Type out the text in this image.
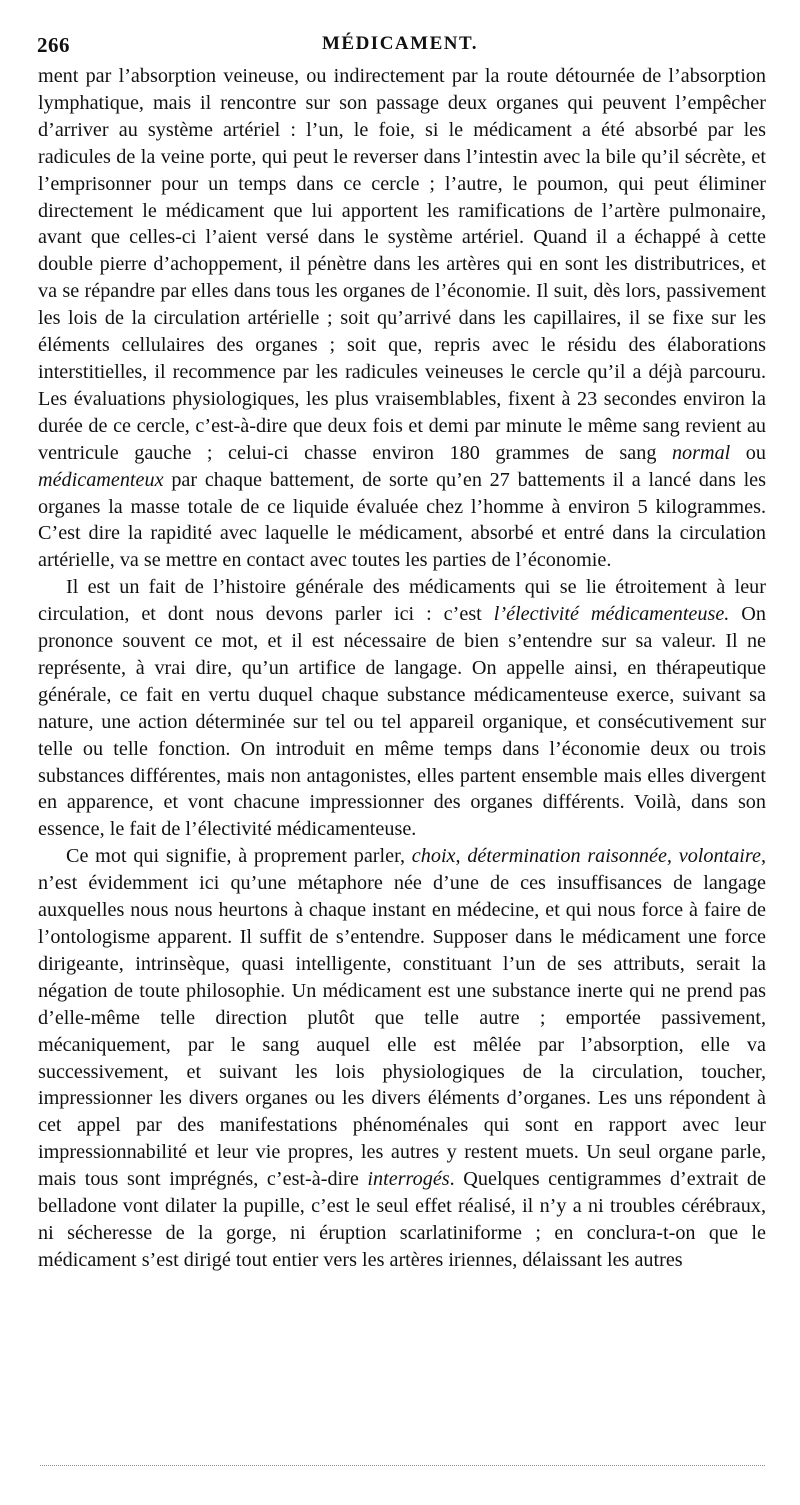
266	MÉDICAMENT.

ment par l’absorption veineuse, ou indirectement par la route détournée de l’absorption lymphatique, mais il rencontre sur son passage deux organes qui peuvent l’empêcher d’arriver au système artériel : l’un, le foie, si le médicament a été absorbé par les radicules de la veine porte, qui peut le reverser dans l’intestin avec la bile qu’il sécrète, et l’emprisonner pour un temps dans ce cercle ; l’autre, le poumon, qui peut éliminer directement le médicament que lui apportent les ramifications de l’artère pulmonaire, avant que celles-ci l’aient versé dans le système artériel. Quand il a échappé à cette double pierre d’achoppement, il pénètre dans les artères qui en sont les distributrices, et va se répandre par elles dans tous les organes de l’économie. Il suit, dès lors, passivement les lois de la circulation artérielle ; soit qu’arrivé dans les capillaires, il se fixe sur les éléments cellulaires des organes ; soit que, repris avec le résidu des élaborations interstitielles, il recommence par les radicules veineuses le cercle qu’il a déjà parcouru. Les évaluations physiologiques, les plus vraisemblables, fixent à 23 secondes environ la durée de ce cercle, c’est-à-dire que deux fois et demi par minute le même sang revient au ventricule gauche ; celui-ci chasse environ 180 grammes de sang normal ou médicamenteux par chaque battement, de sorte qu’en 27 battements il a lancé dans les organes la masse totale de ce liquide évaluée chez l’homme à environ 5 kilogrammes. C’est dire la rapidité avec laquelle le médicament, absorbé et entré dans la circulation artérielle, va se mettre en contact avec toutes les parties de l’économie.

Il est un fait de l’histoire générale des médicaments qui se lie étroitement à leur circulation, et dont nous devons parler ici : c’est l’électivité médicamenteuse. On prononce souvent ce mot, et il est nécessaire de bien s’entendre sur sa valeur. Il ne représente, à vrai dire, qu’un artifice de langage. On appelle ainsi, en thérapeutique générale, ce fait en vertu duquel chaque substance médicamenteuse exerce, suivant sa nature, une action déterminée sur tel ou tel appareil organique, et consécutivement sur telle ou telle fonction. On introduit en même temps dans l’économie deux ou trois substances différentes, mais non antagonistes, elles partent ensemble mais elles divergent en apparence, et vont chacune impressionner des organes différents. Voilà, dans son essence, le fait de l’électivité médicamenteuse.

Ce mot qui signifie, à proprement parler, choix, détermination raisonnée, volontaire, n’est évidemment ici qu’une métaphore née d’une de ces insuffisances de langage auxquelles nous nous heurtons à chaque instant en médecine, et qui nous force à faire de l’ontologisme apparent. Il suffit de s’entendre. Supposer dans le médicament une force dirigeante, intrinsèque, quasi intelligente, constituant l’un de ses attributs, serait la négation de toute philosophie. Un médicament est une substance inerte qui ne prend pas d’elle-même telle direction plutôt que telle autre ; emportée passivement, mécaniquement, par le sang auquel elle est mêlée par l’absorption, elle va successivement, et suivant les lois physiologiques de la circulation, toucher, impressionner les divers organes ou les divers éléments d’organes. Les uns répondent à cet appel par des manifestations phénoménales qui sont en rapport avec leur impressionnabilité et leur vie propres, les autres y restent muets. Un seul organe parle, mais tous sont imprégnés, c’est-à-dire interrogés. Quelques centigrammes d’extrait de belladone vont dilater la pupille, c’est le seul effet réalisé, il n’y a ni troubles cérébraux, ni sécheresse de la gorge, ni éruption scarlatiniforme ; en conclura-t-on que le médicament s’est dirigé tout entier vers les artères iriennes, délaissant les autres
